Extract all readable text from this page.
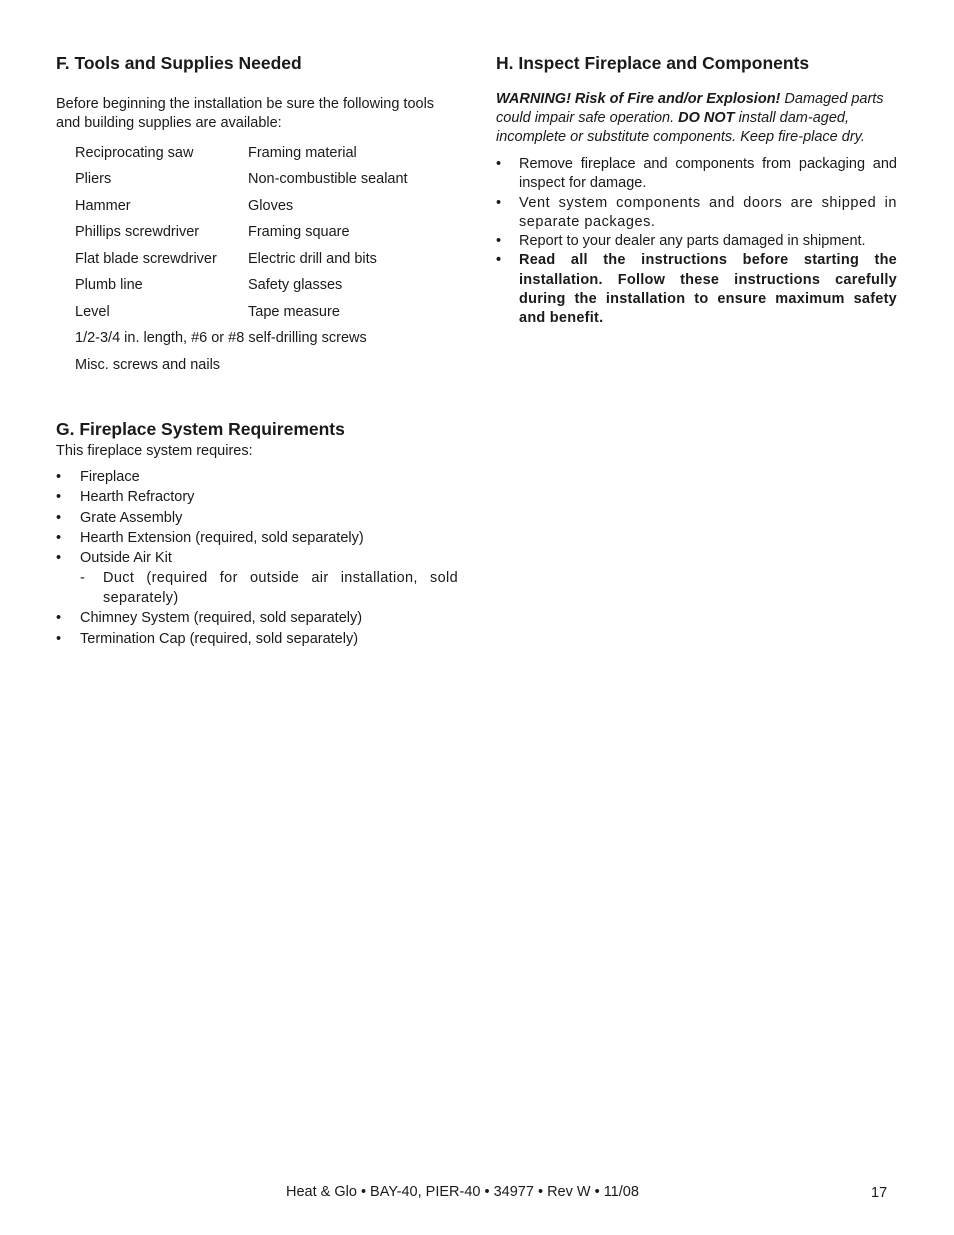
F. Tools and Supplies Needed

Before beginning the installation be sure the following tools and building supplies are available:

Reciprocating saw	Framing material
Pliers	Non-combustible sealant
Hammer	Gloves
Phillips screwdriver	Framing square
Flat blade screwdriver	Electric drill and bits
Plumb line	Safety glasses
Level	Tape measure
1/2-3/4 in. length, #6 or #8 self-drilling screws
Misc. screws and nails
G. Fireplace System Requirements

This fireplace system requires:

• Fireplace
• Hearth Refractory
• Grate Assembly
• Hearth Extension (required, sold separately)
• Outside Air Kit
- Duct (required for outside air installation, sold separately)
• Chimney System (required, sold separately)
• Termination Cap (required, sold separately)
H. Inspect Fireplace and Components

WARNING! Risk of Fire and/or Explosion! Damaged parts could impair safe operation. DO NOT install dam-aged, incomplete or substitute components. Keep fire-place dry.

• Remove fireplace and components from packaging and inspect for damage.
• Vent system components and doors are shipped in separate packages.
• Report to your dealer any parts damaged in shipment.
• Read all the instructions before starting the installation. Follow these instructions carefully during the installation to ensure maximum safety and benefit.
Heat & Glo • BAY-40, PIER-40 • 34977 • Rev W • 11/08	17
